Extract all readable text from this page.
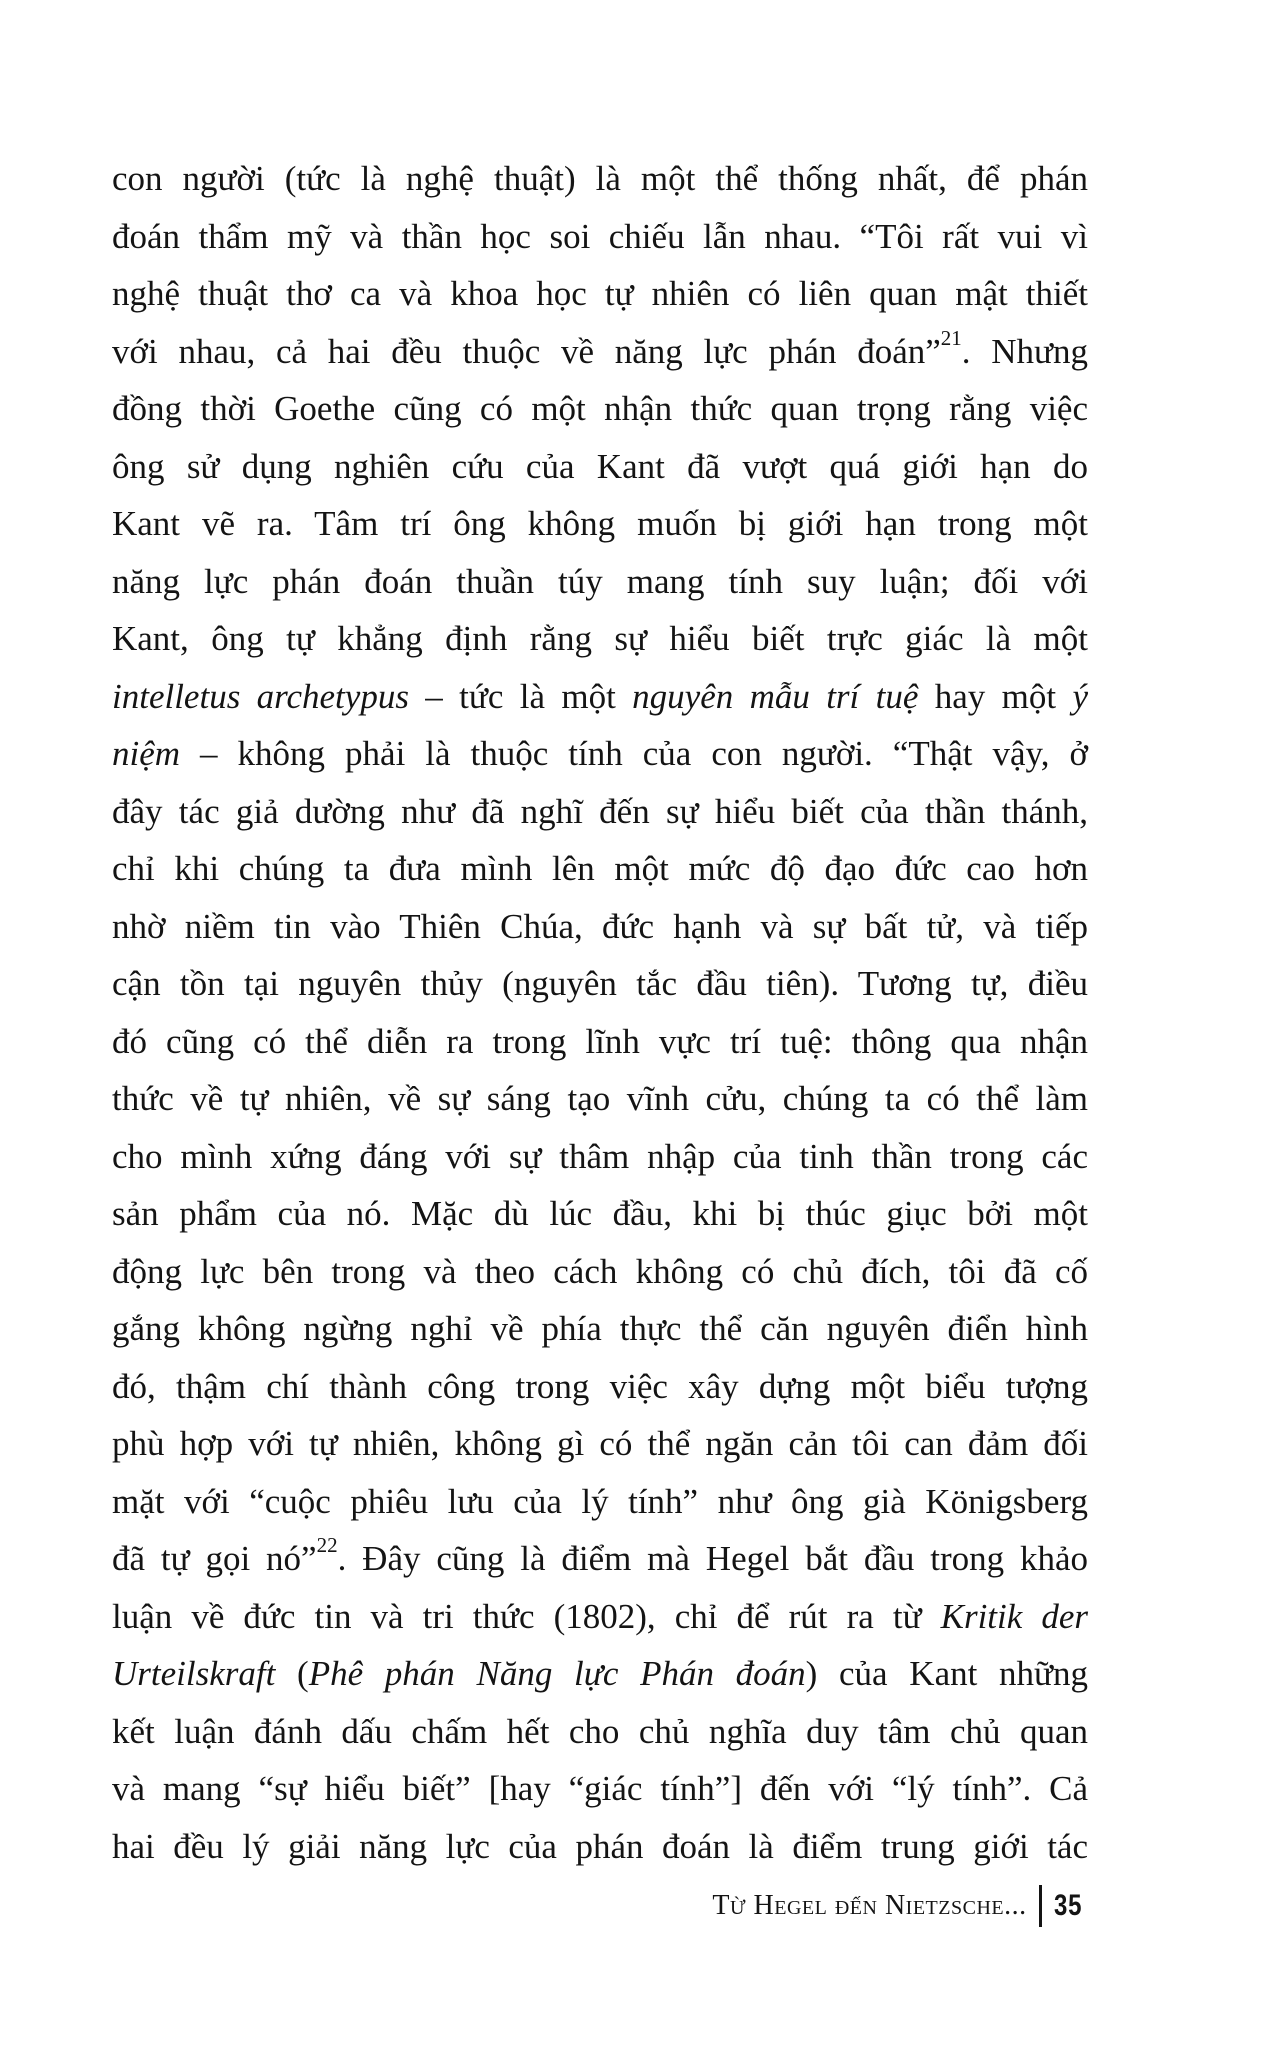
con người (tức là nghệ thuật) là một thể thống nhất, để phán
đoán thẩm mỹ và thần học soi chiếu lẫn nhau. “Tôi rất vui vì
nghệ thuật thơ ca và khoa học tự nhiên có liên quan mật thiết
với nhau, cả hai đều thuộc về năng lực phán đoán”$^{21}$. Nhưng
đồng thời Goethe cũng có một nhận thức quan trọng rằng việc
ông sử dụng nghiên cứu của Kant đã vượt quá giới hạn do
Kant vẽ ra. Tâm trí ông không muốn bị giới hạn trong một
năng lực phán đoán thuần túy mang tính suy luận; đối với
Kant, ông tự khẳng định rằng sự hiểu biết trực giác là một
intelletus archetypus – tức là một nguyên mẫu trí tuệ hay một ý
niệm – không phải là thuộc tính của con người. “Thật vậy, ở
đây tác giả dường như đã nghĩ đến sự hiểu biết của thần thánh,
chỉ khi chúng ta đưa mình lên một mức độ đạo đức cao hơn
nhờ niềm tin vào Thiên Chúa, đức hạnh và sự bất tử, và tiếp
cận tồn tại nguyên thủy (nguyên tắc đầu tiên). Tương tự, điều
đó cũng có thể diễn ra trong lĩnh vực trí tuệ: thông qua nhận
thức về tự nhiên, về sự sáng tạo vĩnh cửu, chúng ta có thể làm
cho mình xứng đáng với sự thâm nhập của tinh thần trong các
sản phẩm của nó. Mặc dù lúc đầu, khi bị thúc giục bởi một
động lực bên trong và theo cách không có chủ đích, tôi đã cố
gắng không ngừng nghỉ về phía thực thể căn nguyên điển hình
đó, thậm chí thành công trong việc xây dựng một biểu tượng
phù hợp với tự nhiên, không gì có thể ngăn cản tôi can đảm đối
mặt với “cuộc phiêu lưu của lý tính” như ông già Königsberg
đã tự gọi nó”$^{22}$. Đây cũng là điểm mà Hegel bắt đầu trong khảo
luận về đức tin và tri thức (1802), chỉ để rút ra từ Kritik der
Urteilskraft (Phê phán Năng lực Phán đoán) của Kant những
kết luận đánh dấu chấm hết cho chủ nghĩa duy tâm chủ quan
và mang “sự hiểu biết” [hay “giác tính”] đến với “lý tính”. Cả
hai đều lý giải năng lực của phán đoán là điểm trung giới tác
Từ Hegel đến Nietzsche... 35
